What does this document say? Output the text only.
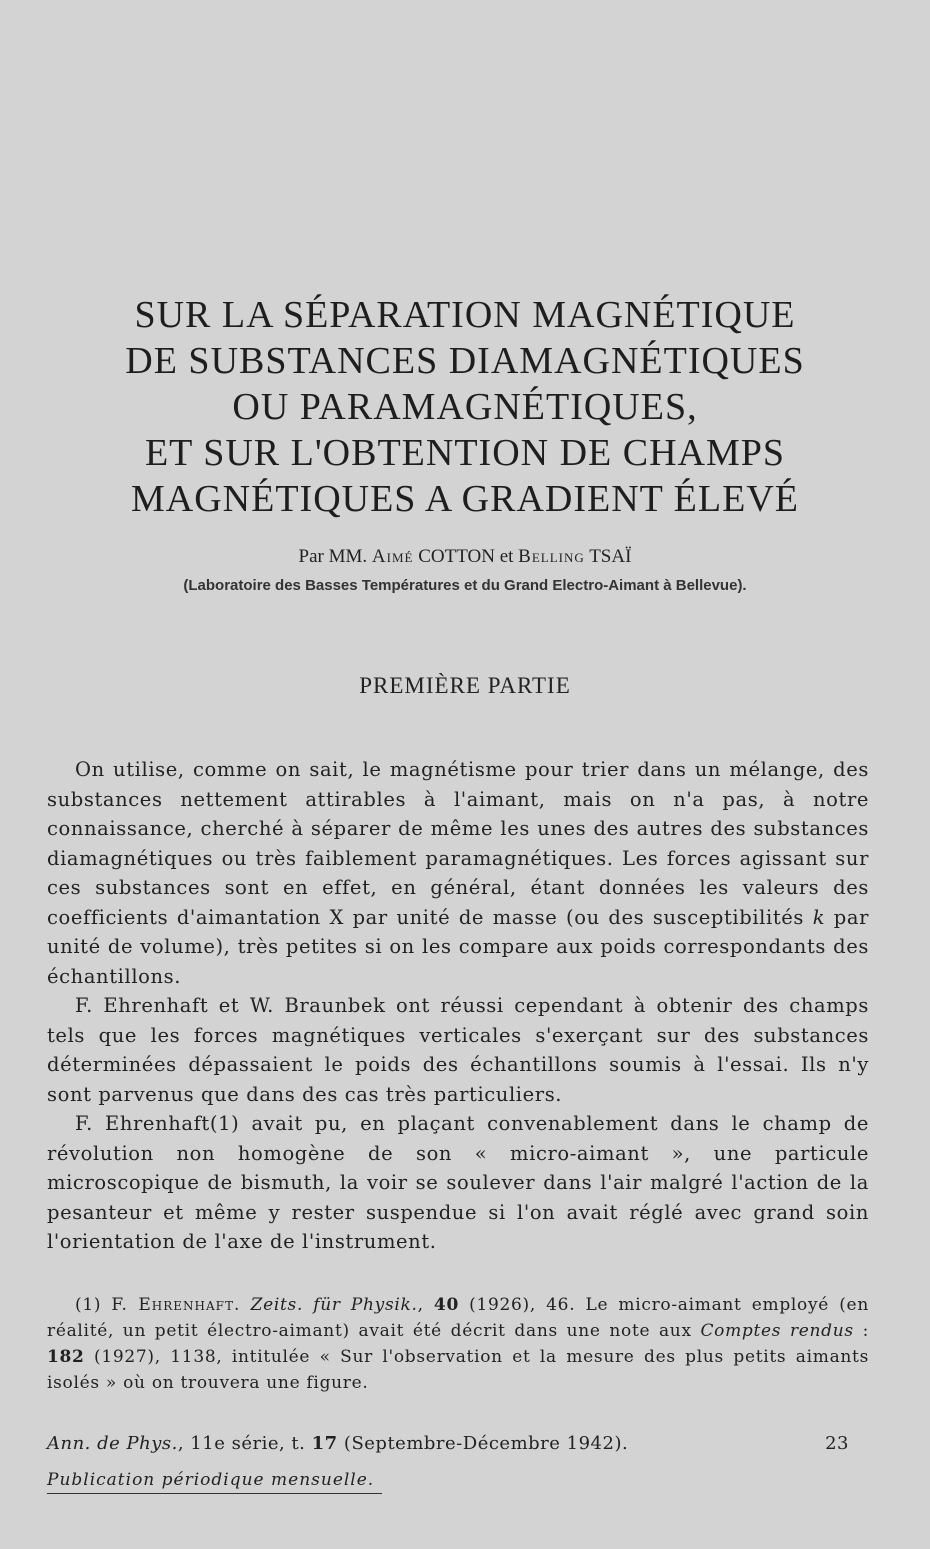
SUR LA SÉPARATION MAGNÉTIQUE
DE SUBSTANCES DIAMAGNÉTIQUES
OU PARAMAGNÉTIQUES,
ET SUR L'OBTENTION DE CHAMPS
MAGNÉTIQUES A GRADIENT ÉLEVÉ
Par MM. Aimé COTTON et Belling TSAÏ
(Laboratoire des Basses Températures et du Grand Electro-Aimant à Bellevue).
PREMIÈRE PARTIE

On utilise, comme on sait, le magnétisme pour trier dans un mélange, des substances nettement attirables à l'aimant, mais on n'a pas, à notre connaissance, cherché à séparer de même les unes des autres des substances diamagnétiques ou très faiblement paramagnétiques. Les forces agissant sur ces substances sont en effet, en général, étant données les valeurs des coefficients d'aimantation X par unité de masse (ou des susceptibilités k par unité de volume), très petites si on les compare aux poids correspondants des échantillons.

F. Ehrenhaft et W. Braunbek ont réussi cependant à obtenir des champs tels que les forces magnétiques verticales s'exerçant sur des substances déterminées dépassaient le poids des échantillons soumis à l'essai. Ils n'y sont parvenus que dans des cas très particuliers.

F. Ehrenhaft(1) avait pu, en plaçant convenablement dans le champ de révolution non homogène de son « micro-aimant », une particule microscopique de bismuth, la voir se soulever dans l'air malgré l'action de la pesanteur et même y rester suspendue si l'on avait réglé avec grand soin l'orientation de l'axe de l'instrument.

(1) F. Ehrenhaft. Zeits. für Physik., 40 (1926), 46. Le micro-aimant employé (en réalité, un petit électro-aimant) avait été décrit dans une note aux Comptes rendus : 182 (1927), 1138, intitulée « Sur l'observation et la mesure des plus petits aimants isolés » où on trouvera une figure.
Ann. de Phys., 11e série, t. 17 (Septembre-Décembre 1942).	23
Publication périodique mensuelle.
